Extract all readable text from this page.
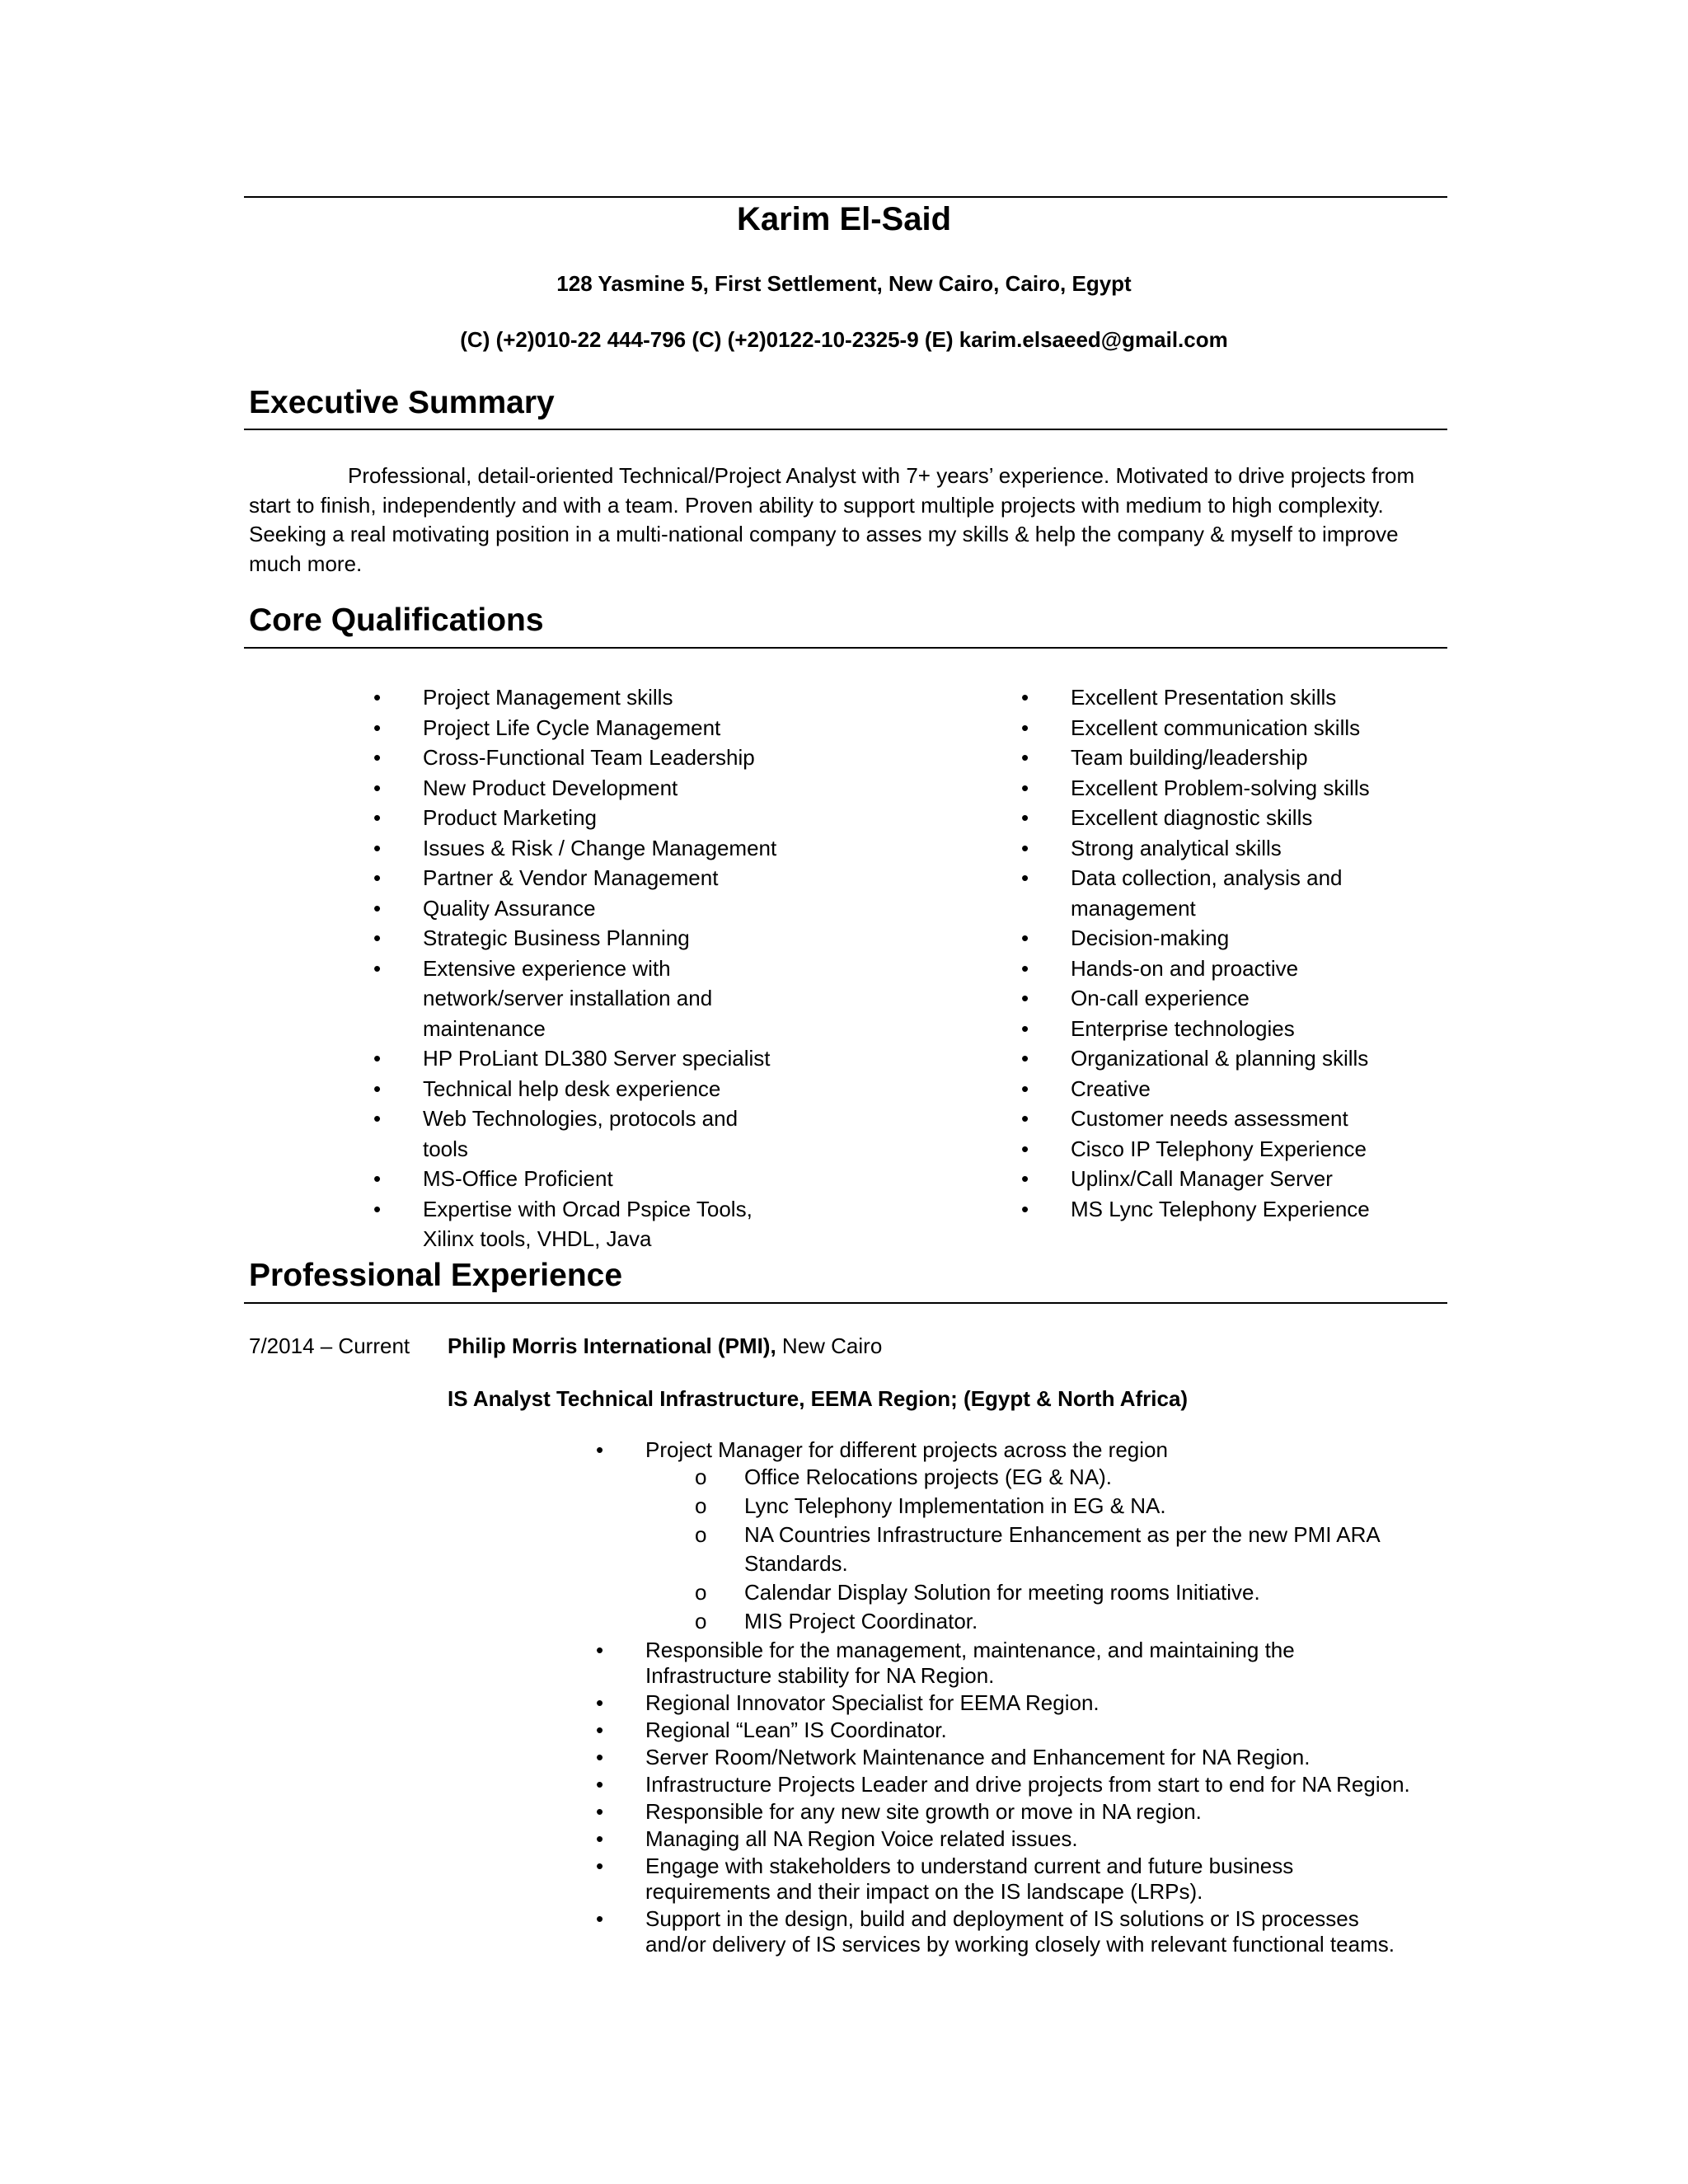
Karim El-Said
128 Yasmine 5, First Settlement, New Cairo, Cairo, Egypt
(C) (+2)010-22 444-796 (C) (+2)0122-10-2325-9 (E) karim.elsaeed@gmail.com
Executive Summary
Professional, detail-oriented Technical/Project Analyst with 7+ years’ experience. Motivated to drive projects from start to finish, independently and with a team. Proven ability to support multiple projects with medium to high complexity. Seeking a real motivating position in a multi-national company to asses my skills & help the company & myself to improve much more.
Core Qualifications
•	Project Management skills
•	Project Life Cycle Management
•	Cross-Functional Team Leadership
•	New Product Development
•	Product Marketing
•	Issues & Risk / Change Management
•	Partner & Vendor Management
•	Quality Assurance
•	Strategic Business Planning
•	Extensive experience with network/server installation and maintenance
•	HP ProLiant DL380 Server specialist
•	Technical help desk experience
•	Web Technologies, protocols and tools
•	MS-Office Proficient
•	Expertise with Orcad Pspice Tools, Xilinx tools, VHDL, Java
•	Excellent Presentation skills
•	Excellent communication skills
•	Team building/leadership
•	Excellent Problem-solving skills
•	Excellent diagnostic skills
•	Strong analytical skills
•	Data collection, analysis and management
•	Decision-making
•	Hands-on and proactive
•	On-call experience
•	Enterprise technologies
•	Organizational & planning skills
•	Creative
•	Customer needs assessment
•	Cisco IP Telephony Experience
•	Uplinx/Call Manager Server
•	MS Lync Telephony Experience
Professional Experience
7/2014 – Current Philip Morris International (PMI), New Cairo
IS Analyst Technical Infrastructure, EEMA Region; (Egypt & North Africa)
• Project Manager for different projects across the region
o Office Relocations projects (EG & NA).
o Lync Telephony Implementation in EG & NA.
o NA Countries Infrastructure Enhancement as per the new PMI ARA Standards.
o Calendar Display Solution for meeting rooms Initiative.
o MIS Project Coordinator.
• Responsible for the management, maintenance, and maintaining the Infrastructure stability for NA Region.
• Regional Innovator Specialist for EEMA Region.
• Regional “Lean” IS Coordinator.
• Server Room/Network Maintenance and Enhancement for NA Region.
• Infrastructure Projects Leader and drive projects from start to end for NA Region.
• Responsible for any new site growth or move in NA region.
• Managing all NA Region Voice related issues.
• Engage with stakeholders to understand current and future business requirements and their impact on the IS landscape (LRPs).
• Support in the design, build and deployment of IS solutions or IS processes and/or delivery of IS services by working closely with relevant functional teams.
